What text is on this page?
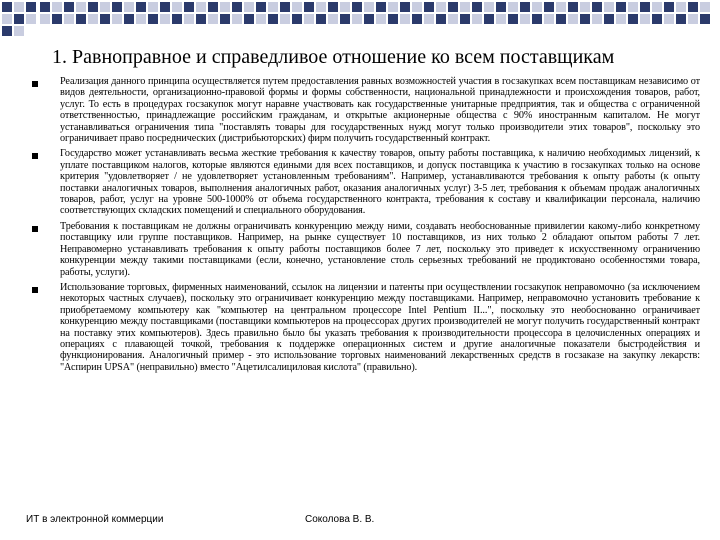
1. Равноправное и справедливое отношение ко всем поставщикам
Реализация данного принципа осуществляется путем предоставления равных возможностей участия в госзакупках всем поставщикам независимо от видов деятельности, организационно-правовой формы и формы собственности, национальной принадлежности и происхождения товаров, работ, услуг. То есть в процедурах госзакупок могут наравне участвовать как государственные унитарные предприятия, так и общества с ограниченной ответственностью, принадлежащие российским гражданам, и открытые акционерные общества с 90% иностранным капиталом. Не могут устанавливаться ограничения типа "поставлять товары для государственных нужд могут только производители этих товаров", поскольку это ограничивает право посреднических (дистрибьюторских) фирм получить государственный контракт.
Государство может устанавливать весьма жесткие требования к качеству товаров, опыту работы поставщика, к наличию необходимых лицензий, к уплате поставщиком налогов, которые являются едиными для всех поставщиков, и допуск поставщика к участию в госзакупках только на основе критерия "удовлетворяет / не удовлетворяет установленным требованиям". Например, устанавливаются требования к опыту работы (к опыту поставки аналогичных товаров, выполнения аналогичных работ, оказания аналогичных услуг) 3-5 лет, требования к объемам продаж аналогичных товаров, работ, услуг на уровне 500-1000% от объема государственного контракта, требования к составу и квалификации персонала, наличию соответствующих складских помещений и специального оборудования.
Требования к поставщикам не должны ограничивать конкуренцию между ними, создавать необоснованные привилегии какому-либо конкретному поставщику или группе поставщиков. Например, на рынке существует 10 поставщиков, из них только 2 обладают опытом работы 7 лет. Неправомерно устанавливать требования к опыту работы поставщиков более 7 лет, поскольку это приведет к искусственному ограничению конкуренции между такими поставщиками (если, конечно, установление столь серьезных требований не продиктовано особенностями товара, работы, услуги).
Использование торговых, фирменных наименований, ссылок на лицензии и патенты при осуществлении госзакупок неправомочно (за исключением некоторых частных случаев), поскольку это ограничивает конкуренцию между поставщиками. Например, неправомочно установить требование к приобретаемому компьютеру как "компьютер на центральном процессоре Intel Pentium II...", поскольку это необоснованно ограничивает конкуренцию между поставщиками (поставщики компьютеров на процессорах других производителей не могут получить государственный контракт на поставку этих компьютеров). Здесь правильно было бы указать требования к производительности процессора в целочисленных операциях и операциях с плавающей точкой, требования к поддержке операционных систем и другие аналогичные показатели быстродействия и функционирования. Аналогичный пример - это использование торговых наименований лекарственных средств в госзаказе на закупку лекарств: "Аспирин UPSA" (неправильно) вместо "Ацетилсалициловая кислота" (правильно).
ИТ в электронной коммерции	Соколова В. В.
